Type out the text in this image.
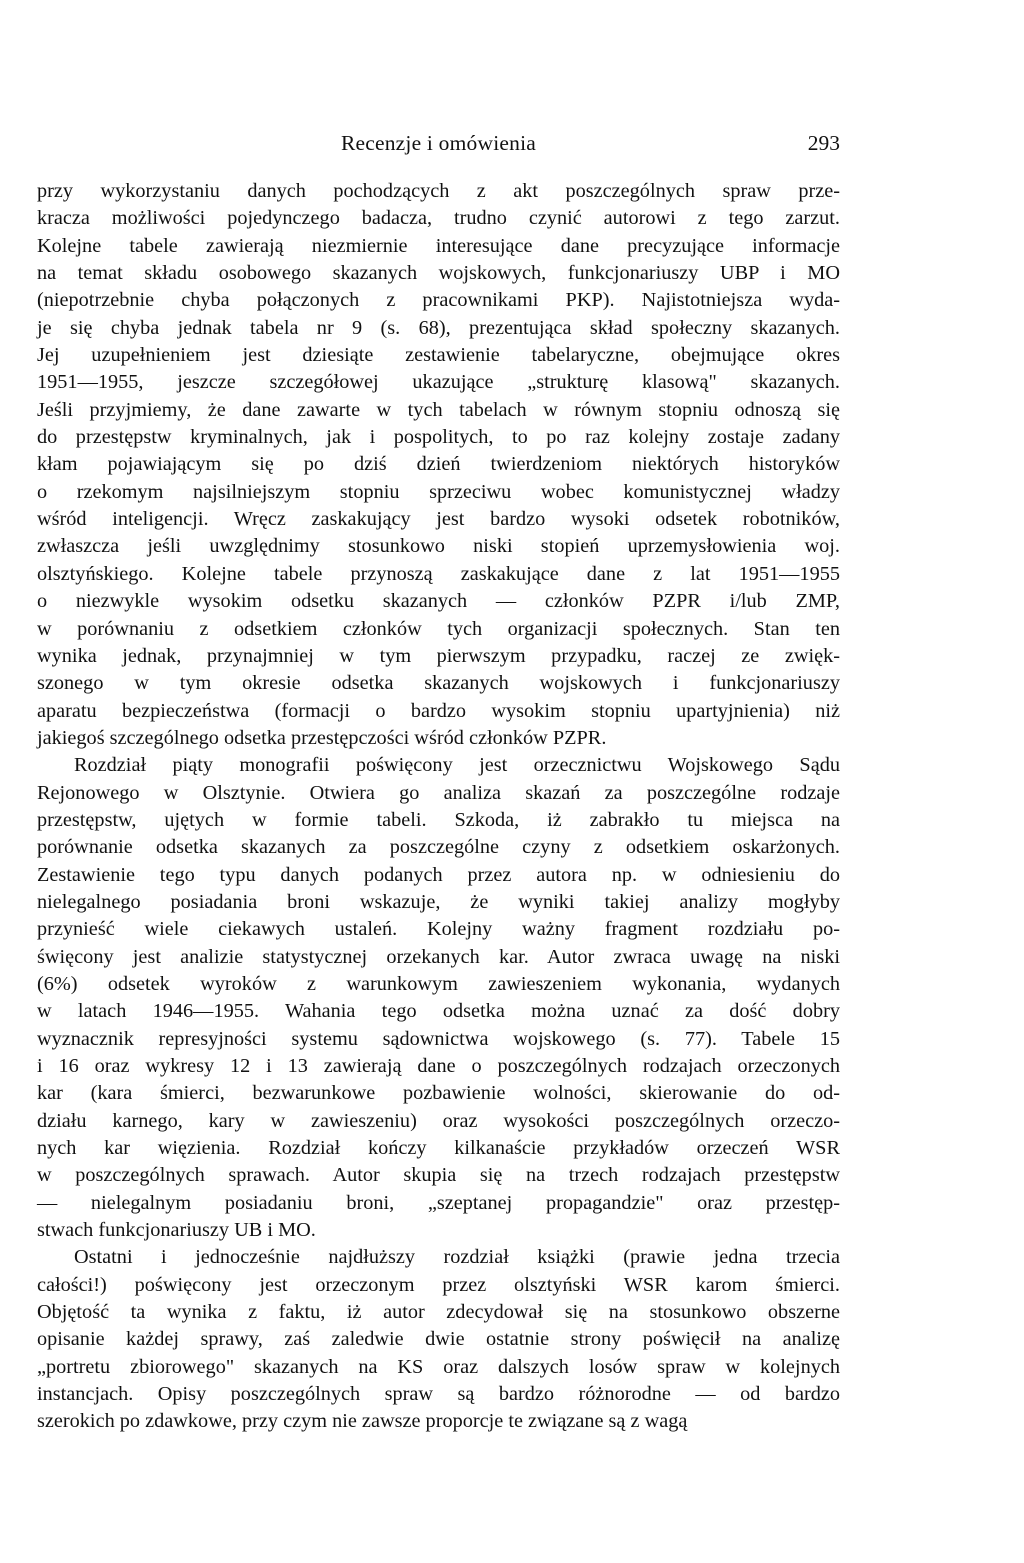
Recenzje i omówienia	293
przy wykorzystaniu danych pochodzących z akt poszczególnych spraw prze-
kracza możliwości pojedynczego badacza, trudno czynić autorowi z tego zarzut.
Kolejne tabele zawierają niezmiernie interesujące dane precyzujące informacje
na temat składu osobowego skazanych wojskowych, funkcjonariuszy UBP i MO
(niepotrzebnie chyba połączonych z pracownikami PKP). Najistotniejsza wyda-
je się chyba jednak tabela nr 9 (s. 68), prezentująca skład społeczny skazanych.
Jej uzupełnieniem jest dziesiąte zestawienie tabelaryczne, obejmujące okres
1951—1955, jeszcze szczegółowej ukazujące „strukturę klasową" skazanych.
Jeśli przyjmiemy, że dane zawarte w tych tabelach w równym stopniu odnoszą się
do przestępstw kryminalnych, jak i pospolitych, to po raz kolejny zostaje zadany
kłam pojawiającym się po dziś dzień twierdzeniom niektórych historyków
o rzekomym najsilniejszym stopniu sprzeciwu wobec komunistycznej władzy
wśród inteligencji. Wręcz zaskakujący jest bardzo wysoki odsetek robotników,
zwłaszcza jeśli uwzględnimy stosunkowo niski stopień uprzemysłowienia woj.
olsztyńskiego. Kolejne tabele przynoszą zaskakujące dane z lat 1951—1955
o niezwykle wysokim odsetku skazanych — członków PZPR i/lub ZMP,
w porównaniu z odsetkiem członków tych organizacji społecznych. Stan ten
wynika jednak, przynajmniej w tym pierwszym przypadku, raczej ze zwięk-
szonego w tym okresie odsetka skazanych wojskowych i funkcjonariuszy
aparatu bezpieczeństwa (formacji o bardzo wysokim stopniu upartyjnienia) niż
jakiegoś szczególnego odsetka przestępczości wśród członków PZPR.
Rozdział piąty monografii poświęcony jest orzecznictwu Wojskowego Sądu
Rejonowego w Olsztynie. Otwiera go analiza skazań za poszczególne rodzaje
przestępstw, ujętych w formie tabeli. Szkoda, iż zabrakło tu miejsca na
porównanie odsetka skazanych za poszczególne czyny z odsetkiem oskarżonych.
Zestawienie tego typu danych podanych przez autora np. w odniesieniu do
nielegalnego posiadania broni wskazuje, że wyniki takiej analizy mogłyby
przynieść wiele ciekawych ustaleń. Kolejny ważny fragment rozdziału po-
święcony jest analizie statystycznej orzekanych kar. Autor zwraca uwagę na niski
(6%) odsetek wyroków z warunkowym zawieszeniem wykonania, wydanych
w latach 1946—1955. Wahania tego odsetka można uznać za dość dobry
wyznacznik represyjności systemu sądownictwa wojskowego (s. 77). Tabele 15
i 16 oraz wykresy 12 i 13 zawierają dane o poszczególnych rodzajach orzeczonych
kar (kara śmierci, bezwarunkowe pozbawienie wolności, skierowanie do od-
działu karnego, kary w zawieszeniu) oraz wysokości poszczególnych orzeczo-
nych kar więzienia. Rozdział kończy kilkanaście przykładów orzeczeń WSR
w poszczególnych sprawach. Autor skupia się na trzech rodzajach przestępstw
— nielegalnym posiadaniu broni, „szeptanej propagandzie" oraz przestęp-
stwach funkcjonariuszy UB i MO.
Ostatni i jednocześnie najdłuższy rozdział książki (prawie jedna trzecia
całości!) poświęcony jest orzeczonym przez olsztyński WSR karom śmierci.
Objętość ta wynika z faktu, iż autor zdecydował się na stosunkowo obszerne
opisanie każdej sprawy, zaś zaledwie dwie ostatnie strony poświęcił na analizę
„portretu zbiorowego" skazanych na KS oraz dalszych losów spraw w kolejnych
instancjach. Opisy poszczególnych spraw są bardzo różnorodne — od bardzo
szerokich po zdawkowe, przy czym nie zawsze proporcje te związane są z wagą
